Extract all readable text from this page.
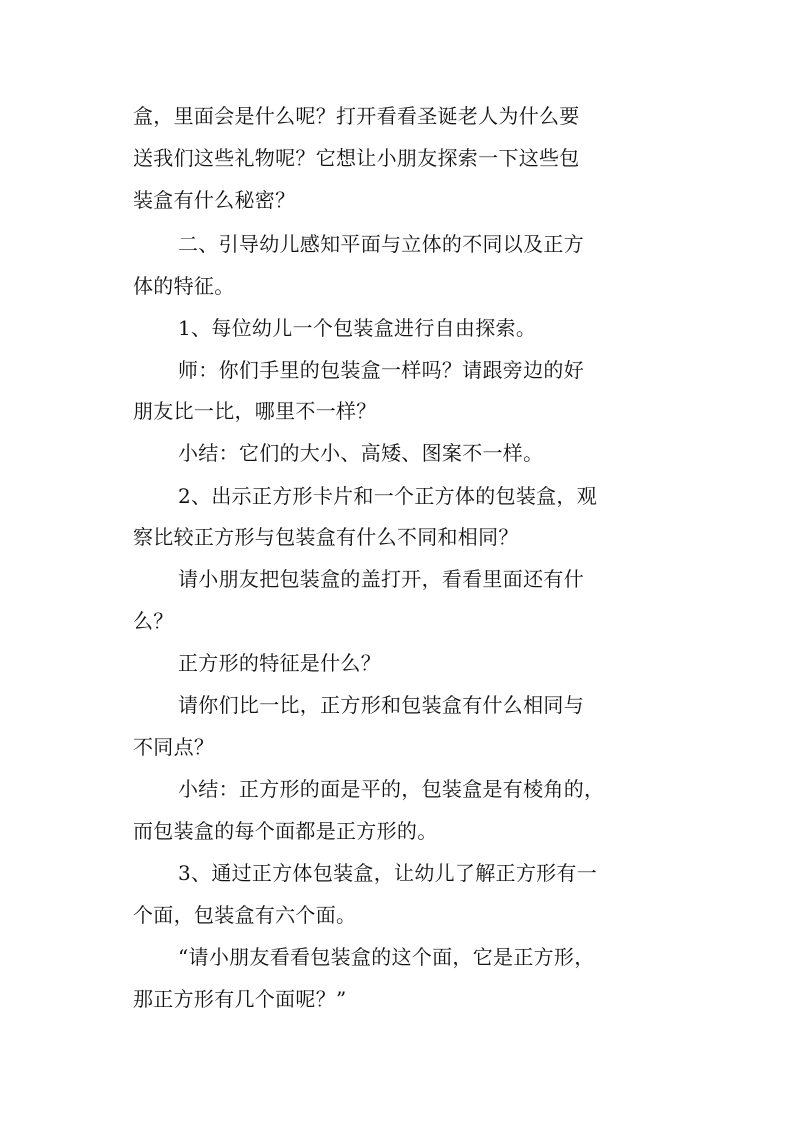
盒，里面会是什么呢？打开看看圣诞老人为什么要
送我们这些礼物呢？它想让小朋友探索一下这些包
装盒有什么秘密？
二、引导幼儿感知平面与立体的不同以及正方
体的特征。
1、每位幼儿一个包装盒进行自由探索。
师：你们手里的包装盒一样吗？请跟旁边的好
朋友比一比，哪里不一样？
小结：它们的大小、高矮、图案不一样。
2、出示正方形卡片和一个正方体的包装盒，观
察比较正方形与包装盒有什么不同和相同？
请小朋友把包装盒的盖打开，看看里面还有什
么？
正方形的特征是什么？
请你们比一比，正方形和包装盒有什么相同与
不同点？
小结：正方形的面是平的，包装盒是有棱角的，
而包装盒的每个面都是正方形的。
3、通过正方体包装盒，让幼儿了解正方形有一
个面，包装盒有六个面。
“请小朋友看看包装盒的这个面，它是正方形，
那正方形有几个面呢？”
